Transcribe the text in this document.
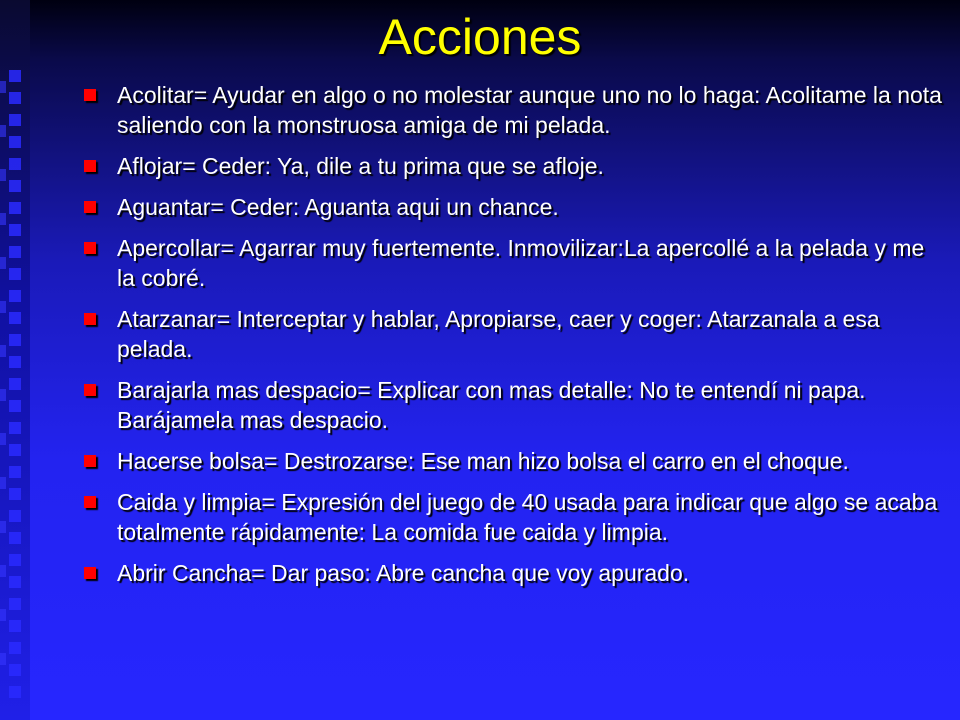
Acciones
Acolitar= Ayudar en algo o no molestar aunque uno no lo haga: Acolitame la nota saliendo con la monstruosa amiga de mi pelada.
Aflojar= Ceder: Ya, dile a tu prima que se afloje.
Aguantar= Ceder: Aguanta aqui un chance.
Apercollar= Agarrar muy fuertemente. Inmovilizar:La apercollé a la pelada y me la cobré.
Atarzanar= Interceptar y hablar, Apropiarse, caer y coger: Atarzanala a esa pelada.
Barajarla mas despacio= Explicar con mas detalle: No te entendí ni papa. Barájamela mas despacio.
Hacerse bolsa= Destrozarse: Ese man hizo bolsa el carro en el choque.
Caida y limpia= Expresión del juego de 40 usada para indicar que algo se acaba totalmente rápidamente: La comida fue caida y limpia.
Abrir Cancha= Dar paso: Abre cancha que voy apurado.
